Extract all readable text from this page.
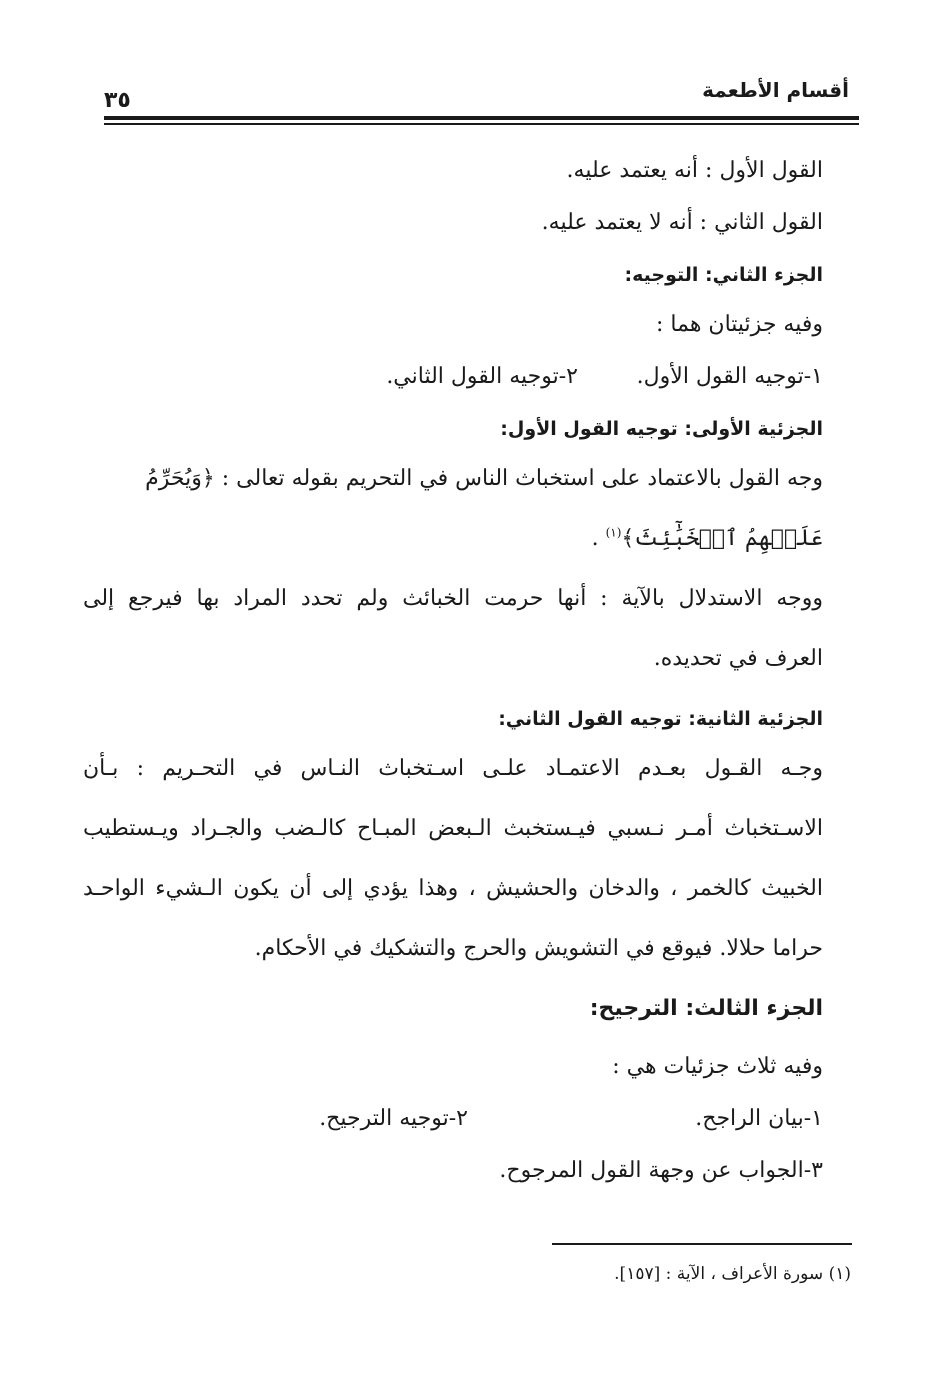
أقسام الأطعمة
٣٥
القول الأول : أنه يعتمد عليه.
القول الثاني : أنه لا يعتمد عليه.
الجزء الثاني: التوجيه:
وفيه جزئيتان هما :
١-توجيه القول الأول.
٢-توجيه القول الثاني.
الجزئية الأولى: توجيه القول الأول:
وجه القول بالاعتماد على استخباث الناس في التحريم بقوله تعالى : ﴿وَيُحَرِّمُ
عَلَيۡهِمُ ٱلۡخَبَٰٓئِثَ﴾$^{(١)}$ .
ووجه الاستدلال بالآية : أنها حرمت الخبائث ولم تحدد المراد بها فيرجع إلى
العرف في تحديده.
الجزئية الثانية: توجيه القول الثاني:
وجـه القـول بعـدم الاعتمـاد علـى اسـتخباث النـاس في التحـريم : بـأن
الاسـتخباث أمـر نـسبي فيـستخبث الـبعض المبـاح كالـضب والجـراد ويـستطيب
الخبيث كالخمر ، والدخان والحشيش ، وهذا يؤدي إلى أن يكون الـشيء الواحـد
حراما حلالا. فيوقع في التشويش والحرج والتشكيك في الأحكام.
الجزء الثالث: الترجيح:
وفيه ثلاث جزئيات هي :
١-بيان الراجح.
٢-توجيه الترجيح.
٣-الجواب عن وجهة القول المرجوح.
(١) سورة الأعراف ، الآية : [١٥٧].
